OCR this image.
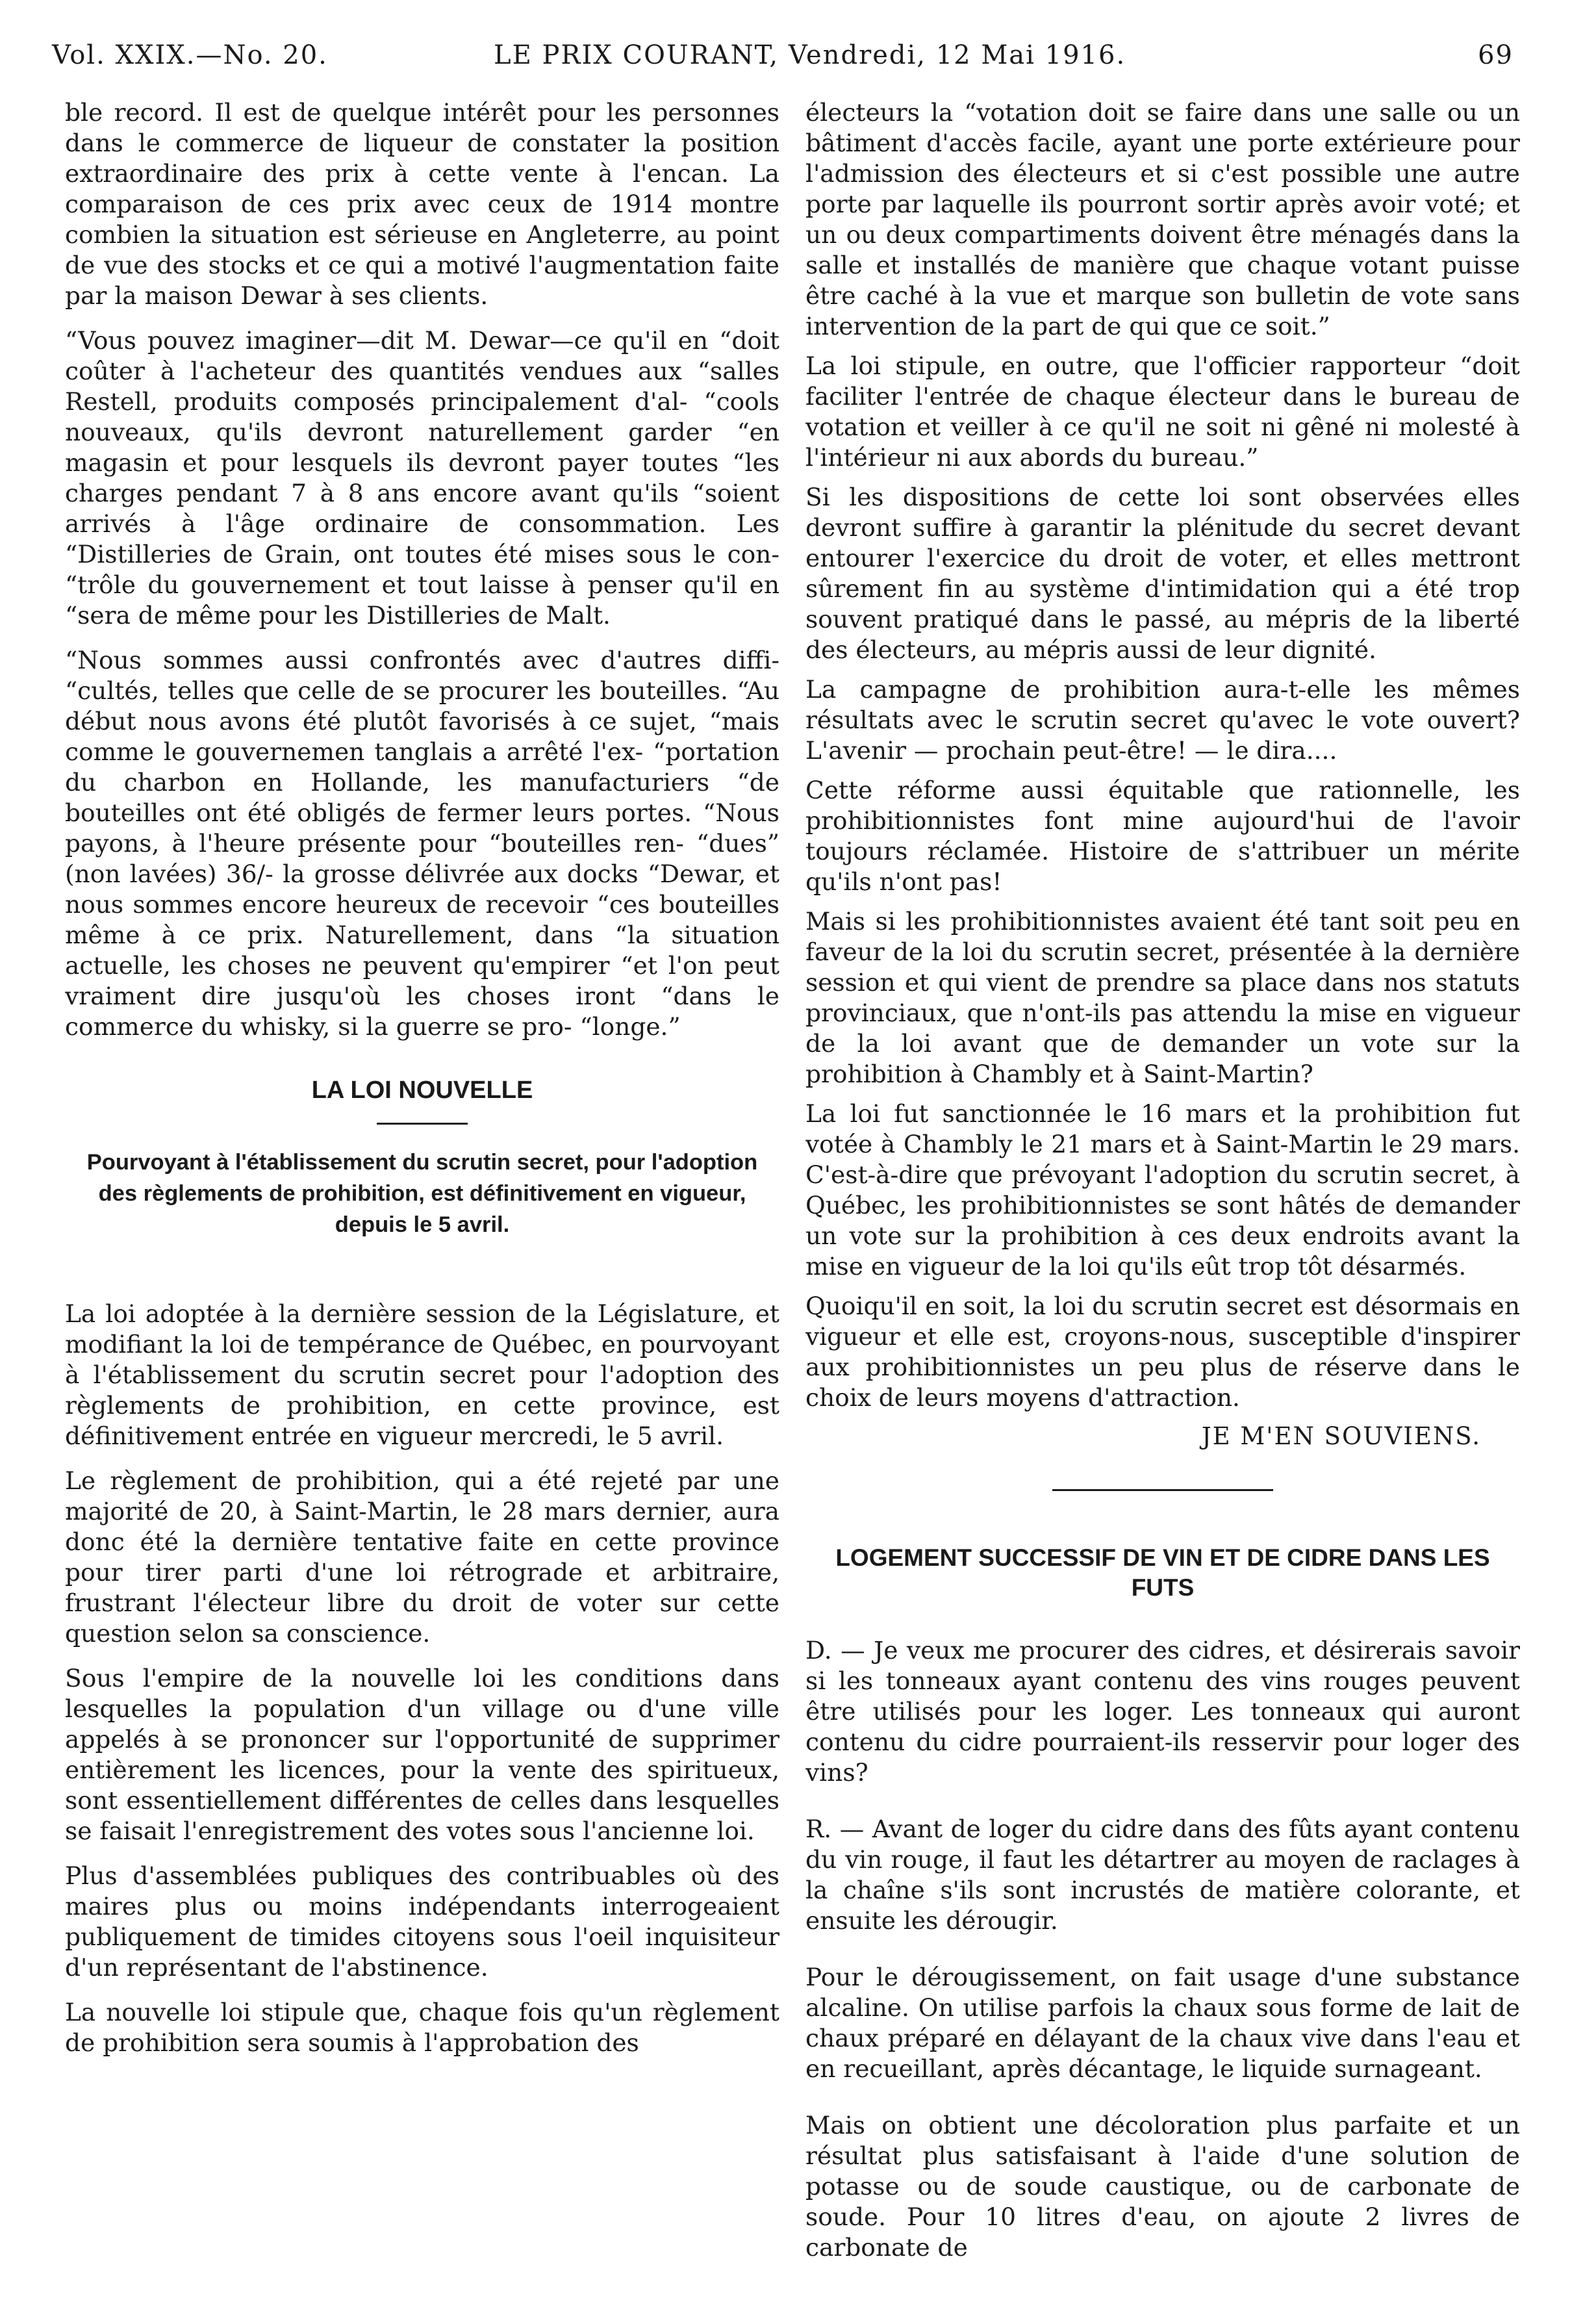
Vol. XXIX.—No. 20.	LE PRIX COURANT, Vendredi, 12 Mai 1916.	69

ble record. Il est de quelque intérêt pour les personnes dans le commerce de liqueur de constater la position extraordinaire des prix à cette vente à l'encan. La comparaison de ces prix avec ceux de 1914 montre combien la situation est sérieuse en Angleterre, au point de vue des stocks et ce qui a motivé l'augmentation faite par la maison Dewar à ses clients.

“Vous pouvez imaginer—dit M. Dewar—ce qu'il en “doit coûter à l'acheteur des quantités vendues aux “salles Restell, produits composés principalement d'al- “cools nouveaux, qu'ils devront naturellement garder “en magasin et pour lesquels ils devront payer toutes “les charges pendant 7 à 8 ans encore avant qu'ils “soient arrivés à l'âge ordinaire de consommation. Les “Distilleries de Grain, ont toutes été mises sous le con- “trôle du gouvernement et tout laisse à penser qu'il en “sera de même pour les Distilleries de Malt.

“Nous sommes aussi confrontés avec d'autres diffi- “cultés, telles que celle de se procurer les bouteilles. “Au début nous avons été plutôt favorisés à ce sujet, “mais comme le gouvernemen tanglais a arrêté l'ex- “portation du charbon en Hollande, les manufacturiers “de bouteilles ont été obligés de fermer leurs portes. “Nous payons, à l'heure présente pour “bouteilles ren- “dues” (non lavées) 36/- la grosse délivrée aux docks “Dewar, et nous sommes encore heureux de recevoir “ces bouteilles même à ce prix. Naturellement, dans “la situation actuelle, les choses ne peuvent qu'empirer “et l'on peut vraiment dire jusqu'où les choses iront “dans le commerce du whisky, si la guerre se pro- “longe.”

LA LOI NOUVELLE
Pourvoyant à l'établissement du scrutin secret, pour l'adoption des règlements de prohibition, est définitivement en vigueur, depuis le 5 avril.

La loi adoptée à la dernière session de la Législature, et modifiant la loi de tempérance de Québec, en pourvoyant à l'établissement du scrutin secret pour l'adoption des règlements de prohibition, en cette province, est définitivement entrée en vigueur mercredi, le 5 avril.

Le règlement de prohibition, qui a été rejeté par une majorité de 20, à Saint-Martin, le 28 mars dernier, aura donc été la dernière tentative faite en cette province pour tirer parti d'une loi rétrograde et arbitraire, frustrant l'électeur libre du droit de voter sur cette question selon sa conscience.

Sous l'empire de la nouvelle loi les conditions dans lesquelles la population d'un village ou d'une ville appelés à se prononcer sur l'opportunité de supprimer entièrement les licences, pour la vente des spiritueux, sont essentiellement différentes de celles dans lesquelles se faisait l'enregistrement des votes sous l'ancienne loi.

Plus d'assemblées publiques des contribuables où des maires plus ou moins indépendants interrogeaient publiquement de timides citoyens sous l'oeil inquisiteur d'un représentant de l'abstinence.

La nouvelle loi stipule que, chaque fois qu'un règlement de prohibition sera soumis à l'approbation des

électeurs la “votation doit se faire dans une salle ou un bâtiment d'accès facile, ayant une porte extérieure pour l'admission des électeurs et si c'est possible une autre porte par laquelle ils pourront sortir après avoir voté; et un ou deux compartiments doivent être ménagés dans la salle et installés de manière que chaque votant puisse être caché à la vue et marque son bulletin de vote sans intervention de la part de qui que ce soit.”

La loi stipule, en outre, que l'officier rapporteur “doit faciliter l'entrée de chaque électeur dans le bureau de votation et veiller à ce qu'il ne soit ni gêné ni molesté à l'intérieur ni aux abords du bureau.”

Si les dispositions de cette loi sont observées elles devront suffire à garantir la plénitude du secret devant entourer l'exercice du droit de voter, et elles mettront sûrement fin au système d'intimidation qui a été trop souvent pratiqué dans le passé, au mépris de la liberté des électeurs, au mépris aussi de leur dignité.

La campagne de prohibition aura-t-elle les mêmes résultats avec le scrutin secret qu'avec le vote ouvert? L'avenir — prochain peut-être! — le dira....

Cette réforme aussi équitable que rationnelle, les prohibitionnistes font mine aujourd'hui de l'avoir toujours réclamée. Histoire de s'attribuer un mérite qu'ils n'ont pas!

Mais si les prohibitionnistes avaient été tant soit peu en faveur de la loi du scrutin secret, présentée à la dernière session et qui vient de prendre sa place dans nos statuts provinciaux, que n'ont-ils pas attendu la mise en vigueur de la loi avant que de demander un vote sur la prohibition à Chambly et à Saint-Martin?

La loi fut sanctionnée le 16 mars et la prohibition fut votée à Chambly le 21 mars et à Saint-Martin le 29 mars. C'est-à-dire que prévoyant l'adoption du scrutin secret, à Québec, les prohibitionnistes se sont hâtés de demander un vote sur la prohibition à ces deux endroits avant la mise en vigueur de la loi qu'ils eût trop tôt désarmés.

Quoiqu'il en soit, la loi du scrutin secret est désormais en vigueur et elle est, croyons-nous, susceptible d'inspirer aux prohibitionnistes un peu plus de réserve dans le choix de leurs moyens d'attraction.

JE M'EN SOUVIENS.
LOGEMENT SUCCESSIF DE VIN ET DE CIDRE DANS LES FUTS

D. — Je veux me procurer des cidres, et désirerais savoir si les tonneaux ayant contenu des vins rouges peuvent être utilisés pour les loger. Les tonneaux qui auront contenu du cidre pourraient-ils resservir pour loger des vins?

R. — Avant de loger du cidre dans des fûts ayant contenu du vin rouge, il faut les détartrer au moyen de raclages à la chaîne s'ils sont incrustés de matière colorante, et ensuite les dérougir.

Pour le dérougissement, on fait usage d'une substance alcaline. On utilise parfois la chaux sous forme de lait de chaux préparé en délayant de la chaux vive dans l'eau et en recueillant, après décantage, le liquide surnageant.

Mais on obtient une décoloration plus parfaite et un résultat plus satisfaisant à l'aide d'une solution de potasse ou de soude caustique, ou de carbonate de soude. Pour 10 litres d'eau, on ajoute 2 livres de carbonate de
